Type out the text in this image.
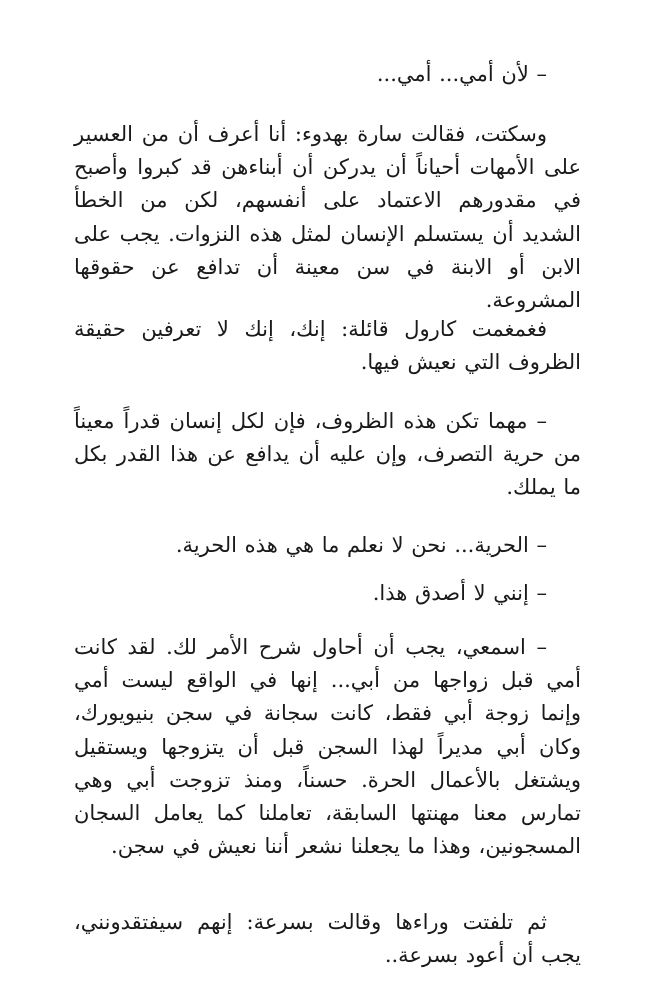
– لأن أمي... أمي...

وسكتت، فقالت سارة بهدوء: أنا أعرف أن من العسير على الأمهات أحياناً أن يدركن أن أبناءهن قد كبروا وأصبح في مقدورهم الاعتماد على أنفسهم، لكن من الخطأ الشديد أن يستسلم الإنسان لمثل هذه النزوات. يجب على الابن أو الابنة في سن معينة أن تدافع عن حقوقها المشروعة.

فغمغمت كارول قائلة: إنك، إنك لا تعرفين حقيقة الظروف التي نعيش فيها.

– مهما تكن هذه الظروف، فإن لكل إنسان قدراً معيناً من حرية التصرف، وإن عليه أن يدافع عن هذا القدر بكل ما يملك.

– الحرية... نحن لا نعلم ما هي هذه الحرية.

– إنني لا أصدق هذا.

– اسمعي، يجب أن أحاول شرح الأمر لك. لقد كانت أمي قبل زواجها من أبي... إنها في الواقع ليست أمي وإنما زوجة أبي فقط، كانت سجانة في سجن بنيويورك، وكان أبي مديراً لهذا السجن قبل أن يتزوجها ويستقيل ويشتغل بالأعمال الحرة. حسناً، ومنذ تزوجت أبي وهي تمارس معنا مهنتها السابقة، تعاملنا كما يعامل السجان المسجونين، وهذا ما يجعلنا نشعر أننا نعيش في سجن.

ثم تلفتت وراءها وقالت بسرعة: إنهم سيفتقدونني، يجب أن أعود بسرعة..
